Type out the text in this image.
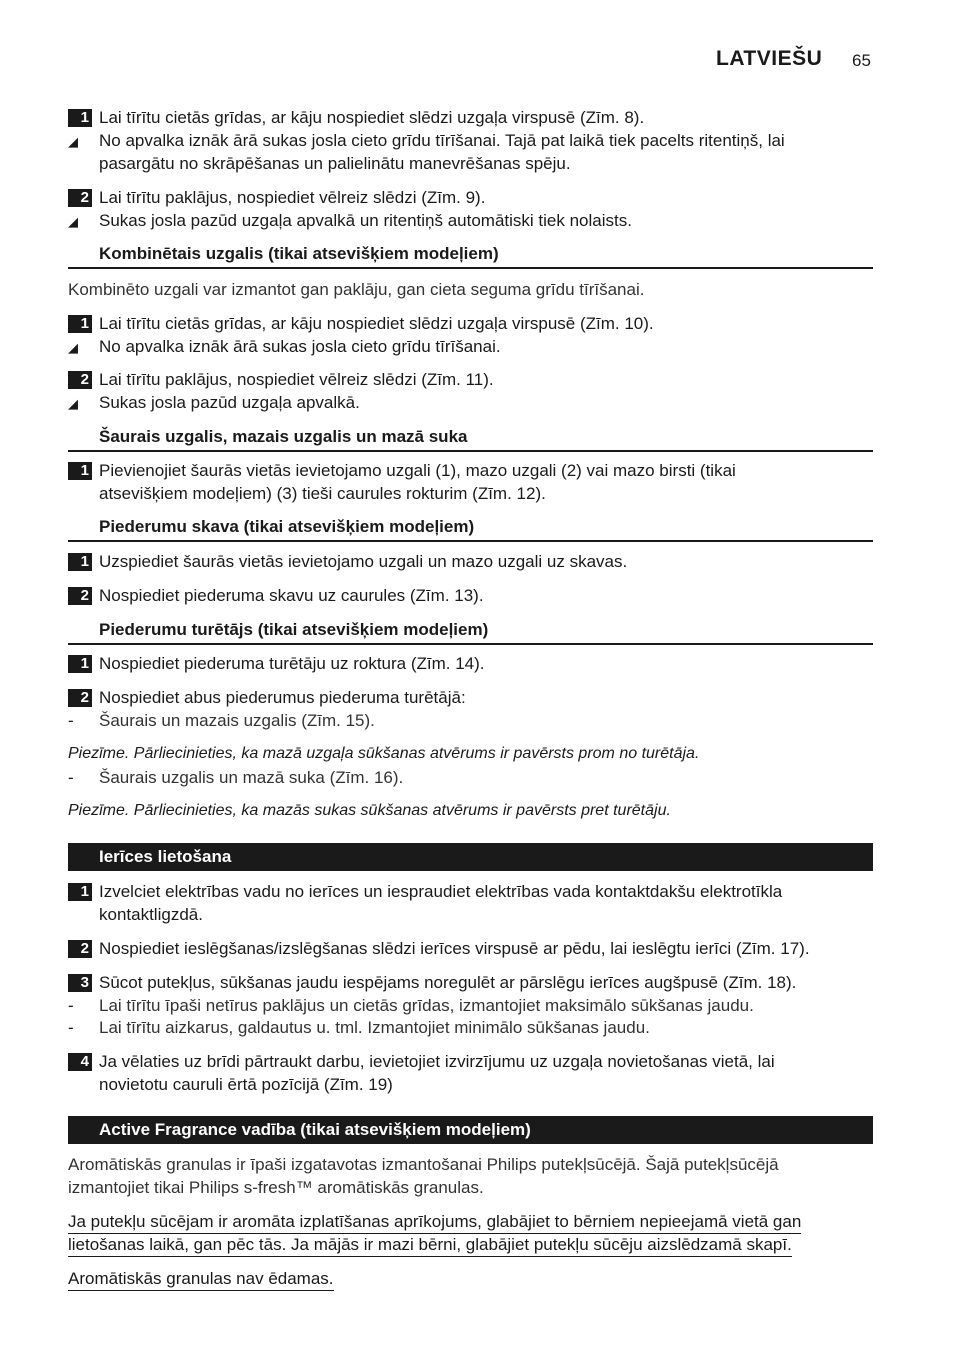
LATVIEŠU 65
1 Lai tīrītu cietās grīdas, ar kāju nospiediet slēdzi uzgaļa virspusē (Zīm. 8).
◢ No apvalka iznāk ārā sukas josla cieto grīdu tīrīšanai. Tajā pat laikā tiek pacelts ritentiņš, lai
pasargātu no skrāpēšanas un palielinātu manevrēšanas spēju.
2 Lai tīrītu paklājus, nospiediet vēlreiz slēdzi (Zīm. 9).
◢ Sukas josla pazūd uzgaļa apvalkā un ritentiņš automātiski tiek nolaists.
Kombinētais uzgalis (tikai atsevišķiem modeļiem)
Kombinēto uzgali var izmantot gan paklāju, gan cieta seguma grīdu tīrīšanai.
1 Lai tīrītu cietās grīdas, ar kāju nospiediet slēdzi uzgaļa virspusē (Zīm. 10).
◢ No apvalka iznāk ārā sukas josla cieto grīdu tīrīšanai.
2 Lai tīrītu paklājus, nospiediet vēlreiz slēdzi (Zīm. 11).
◢ Sukas josla pazūd uzgaļa apvalkā.
Šaurais uzgalis, mazais uzgalis un mazā suka
1 Pievienojiet šaurās vietās ievietojamo uzgali (1), mazo uzgali (2) vai mazo birsti (tikai
atsevišķiem modeļiem) (3) tieši caurules rokturim (Zīm. 12).
Piederumu skava (tikai atsevišķiem modeļiem)
1 Uzspiediet šaurās vietās ievietojamo uzgali un mazo uzgali uz skavas.
2 Nospiediet piederuma skavu uz caurules (Zīm. 13).
Piederumu turētājs (tikai atsevišķiem modeļiem)
1 Nospiediet piederuma turētāju uz roktura (Zīm. 14).
2 Nospiediet abus piederumus piederuma turētājā:
- Šaurais un mazais uzgalis (Zīm. 15).
Piezīme. Pārliecinieties, ka mazā uzgaļa sūkšanas atvērums ir pavērsts prom no turētāja.
- Šaurais uzgalis un mazā suka (Zīm. 16).
Piezīme. Pārliecinieties, ka mazās sukas sūkšanas atvērums ir pavērsts pret turētāju.
Ierīces lietošana
1 Izvelciet elektrības vadu no ierīces un iespraudiet elektrības vada kontaktdakšu elektrotīkla
kontaktligzdā.
2 Nospiediet ieslēgšanas/izslēgšanas slēdzi ierīces virspusē ar pēdu, lai ieslēgtu ierīci (Zīm. 17).
3 Sūcot putekļus, sūkšanas jaudu iespējams noregulēt ar pārslēgu ierīces augšpusē (Zīm. 18).
- Lai tīrītu īpaši netīrus paklājus un cietās grīdas, izmantojiet maksimālo sūkšanas jaudu.
- Lai tīrītu aizkarus, galdautus u. tml. Izmantojiet minimālo sūkšanas jaudu.
4 Ja vēlaties uz brīdi pārtraukt darbu, ievietojiet izvirzījumu uz uzgaļa novietošanas vietā, lai
novietotu cauruli ērtā pozīcijā (Zīm. 19)
Active Fragrance vadība (tikai atsevišķiem modeļiem)
Aromātiskās granulas ir īpaši izgatavotas izmantošanai Philips putekļsūcējā. Šajā putekļsūcējā
izmantojiet tikai Philips s-fresh™ aromātiskās granulas.
Ja putekļu sūcējam ir aromāta izplatīšanas aprīkojums, glabājiet to bērniem nepieejamā vietā gan
lietošanas laikā, gan pēc tās. Ja mājās ir mazi bērni, glabājiet putekļu sūcēju aizslēdzamā skapī.
Aromātiskās granulas nav ēdamas.
